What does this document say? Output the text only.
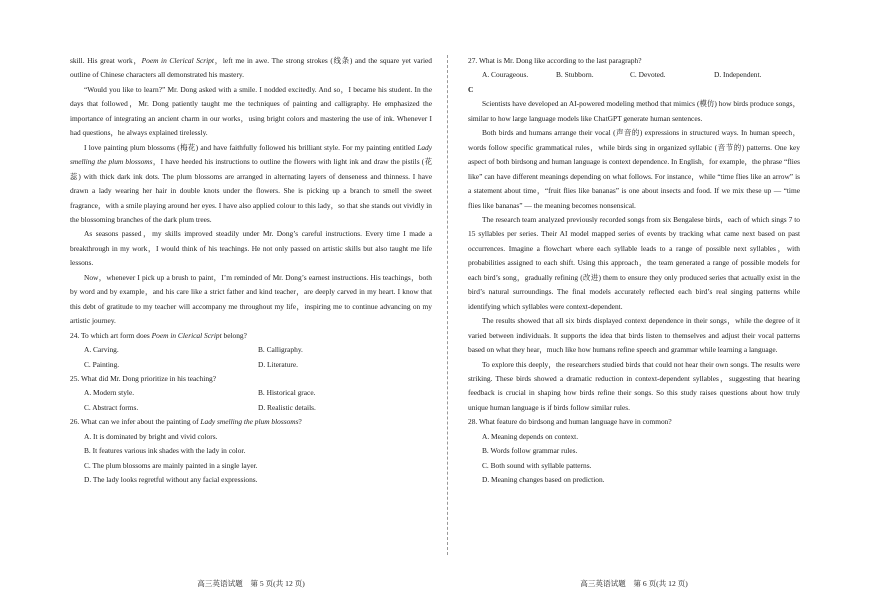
skill. His great work，Poem in Clerical Script，left me in awe. The strong strokes (线条) and the square yet varied outline of Chinese characters all demonstrated his mastery.

“Would you like to learn?” Mr. Dong asked with a smile. I nodded excitedly. And so，I became his student. In the days that followed，Mr. Dong patiently taught me the techniques of painting and calligraphy. He emphasized the importance of integrating an ancient charm in our works，using bright colors and mastering the use of ink. Whenever I had questions，he always explained tirelessly.

I love painting plum blossoms (梅花) and have faithfully followed his brilliant style. For my painting entitled Lady smelling the plum blossoms，I have heeded his instructions to outline the flowers with light ink and draw the pistils (花蕊) with thick dark ink dots. The plum blossoms are arranged in alternating layers of denseness and thinness. I have drawn a lady wearing her hair in double knots under the flowers. She is picking up a branch to smell the sweet fragrance，with a smile playing around her eyes. I have also applied colour to this lady，so that she stands out vividly in the blossoming branches of the dark plum trees.

As seasons passed，my skills improved steadily under Mr. Dong’s careful instructions. Every time I made a breakthrough in my work，I would think of his teachings. He not only passed on artistic skills but also taught me life lessons.

Now，whenever I pick up a brush to paint，I’m reminded of Mr. Dong’s earnest instructions. His teachings，both by word and by example，and his care like a strict father and kind teacher，are deeply carved in my heart. I know that this debt of gratitude to my teacher will accompany me throughout my life，inspiring me to continue advancing on my artistic journey.

24. To which art form does Poem in Clerical Script belong?

A. Carving.	B. Calligraphy.
C. Painting.	D. Literature.

25. What did Mr. Dong prioritize in his teaching?

A. Modern style.	B. Historical grace.
C. Abstract forms.	D. Realistic details.

26. What can we infer about the painting of Lady smelling the plum blossoms?

A. It is dominated by bright and vivid colors.

B. It features various ink shades with the lady in color.

C. The plum blossoms are mainly painted in a single layer.

D. The lady looks regretful without any facial expressions.

高三英语试题　第 5 页(共 12 页)

27. What is Mr. Dong like according to the last paragraph?

A. Courageous.	B. Stubborn.	C. Devoted.	D. Independent.

C

Scientists have developed an AI-powered modeling method that mimics (模仿) how birds produce songs，similar to how large language models like ChatGPT generate human sentences.

Both birds and humans arrange their vocal (声音的) expressions in structured ways. In human speech，words follow specific grammatical rules，while birds sing in organized syllabic (音节的) patterns. One key aspect of both birdsong and human language is context dependence. In English，for example，the phrase “flies like” can have different meanings depending on what follows. For instance，while “time flies like an arrow” is a statement about time，“fruit flies like bananas” is one about insects and food. If we mix these up — “time flies like bananas” — the meaning becomes nonsensical.

The research team analyzed previously recorded songs from six Bengalese birds，each of which sings 7 to 15 syllables per series. Their AI model mapped series of events by tracking what came next based on past occurrences. Imagine a flowchart where each syllable leads to a range of possible next syllables，with probabilities assigned to each shift. Using this approach，the team generated a range of possible models for each bird’s song，gradually refining (改进) them to ensure they only produced series that actually exist in the bird’s natural surroundings. The final models accurately reflected each bird’s real singing patterns while identifying which syllables were context-dependent.

The results showed that all six birds displayed context dependence in their songs，while the degree of it varied between individuals. It supports the idea that birds listen to themselves and adjust their vocal patterns based on what they hear，much like how humans refine speech and grammar while learning a language.

To explore this deeply，the researchers studied birds that could not hear their own songs. The results were striking. These birds showed a dramatic reduction in context-dependent syllables，suggesting that hearing feedback is crucial in shaping how birds refine their songs. So this study raises questions about how truly unique human language is if birds follow similar rules.

28. What feature do birdsong and human language have in common?

A. Meaning depends on context.

B. Words follow grammar rules.

C. Both sound with syllable patterns.

D. Meaning changes based on prediction.

高三英语试题　第 6 页(共 12 页)
